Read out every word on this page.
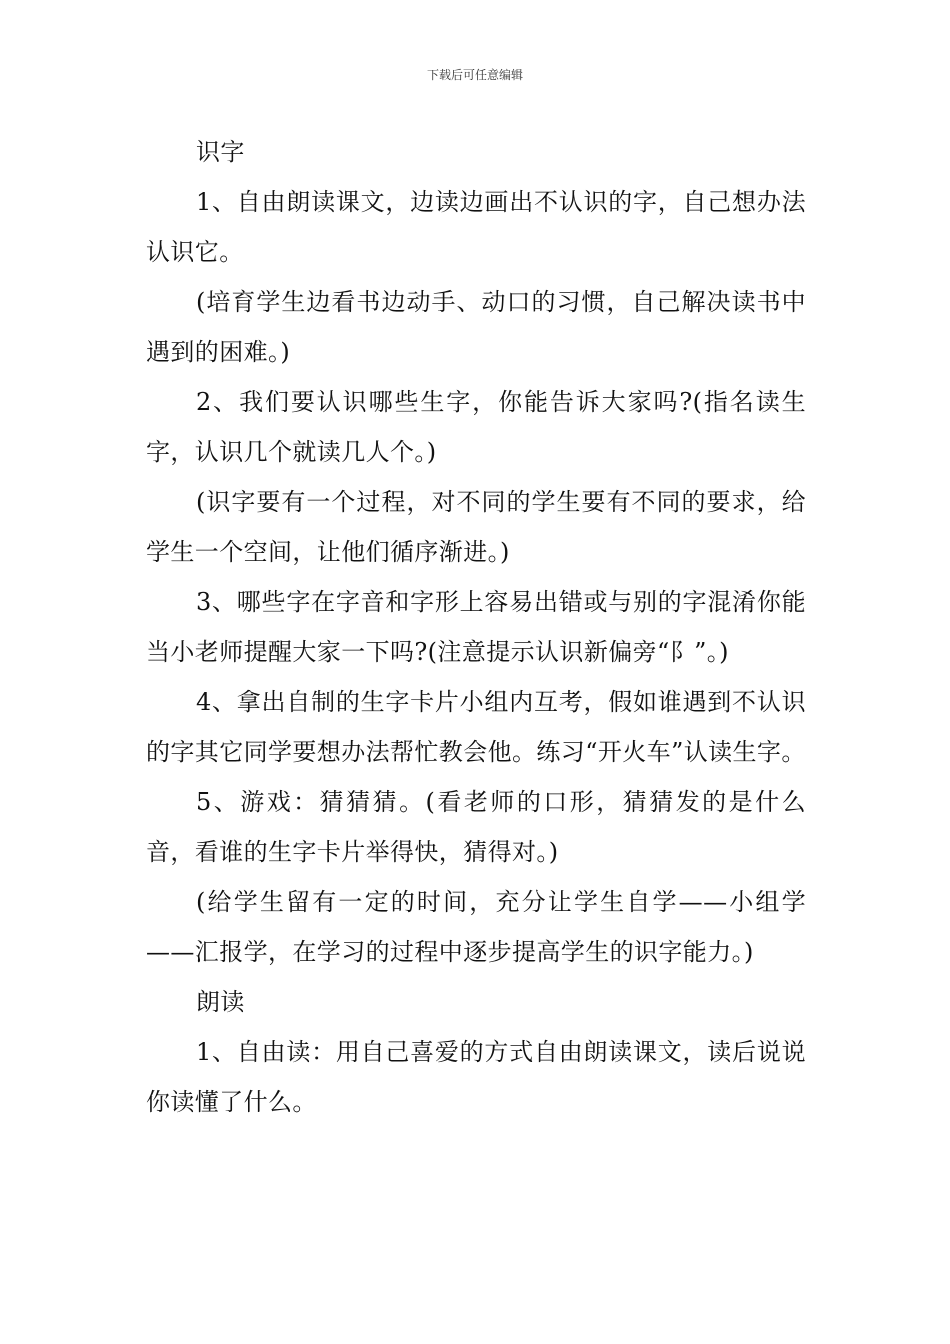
下载后可任意编辑

识字

1、自由朗读课文，边读边画出不认识的字，自己想办法认识它。

(培育学生边看书边动手、动口的习惯，自己解决读书中遇到的困难。)

2、我们要认识哪些生字，你能告诉大家吗?(指名读生字，认识几个就读几人个。)

(识字要有一个过程，对不同的学生要有不同的要求，给学生一个空间，让他们循序渐进。)

3、哪些字在字音和字形上容易出错或与别的字混淆你能当小老师提醒大家一下吗?(注意提示认识新偏旁“阝”。)

4、拿出自制的生字卡片小组内互考，假如谁遇到不认识的字其它同学要想办法帮忙教会他。练习“开火车”认读生字。

5、游戏：猜猜猜。(看老师的口形，猜猜发的是什么音，看谁的生字卡片举得快，猜得对。)

(给学生留有一定的时间，充分让学生自学——小组学——汇报学，在学习的过程中逐步提高学生的识字能力。)

朗读

1、自由读：用自己喜爱的方式自由朗读课文，读后说说你读懂了什么。
